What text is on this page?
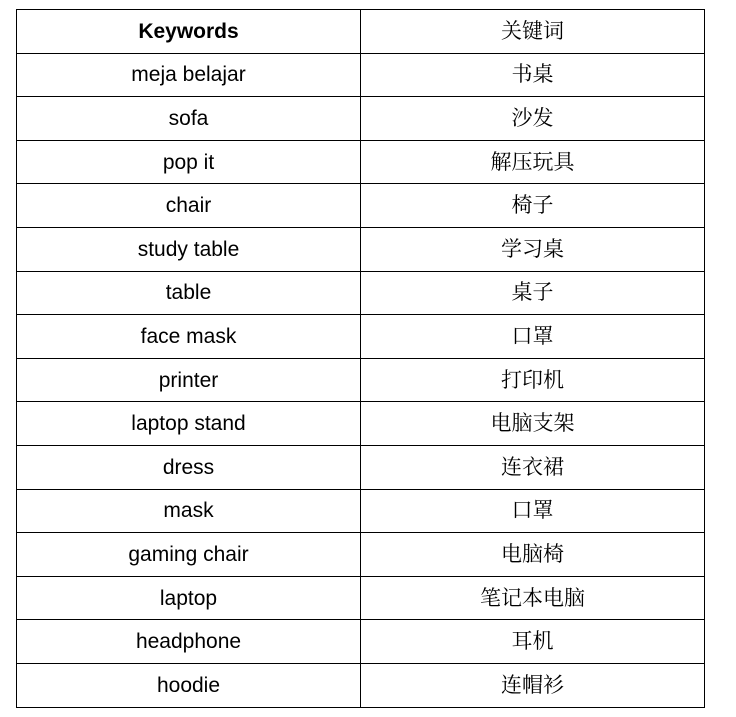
Keywords	关键词
meja belajar	书桌
sofa	沙发
pop it	解压玩具
chair	椅子
study table	学习桌
table	桌子
face mask	口罩
printer	打印机
laptop stand	电脑支架
dress	连衣裙
mask	口罩
gaming chair	电脑椅
laptop	笔记本电脑
headphone	耳机
hoodie	连帽衫
